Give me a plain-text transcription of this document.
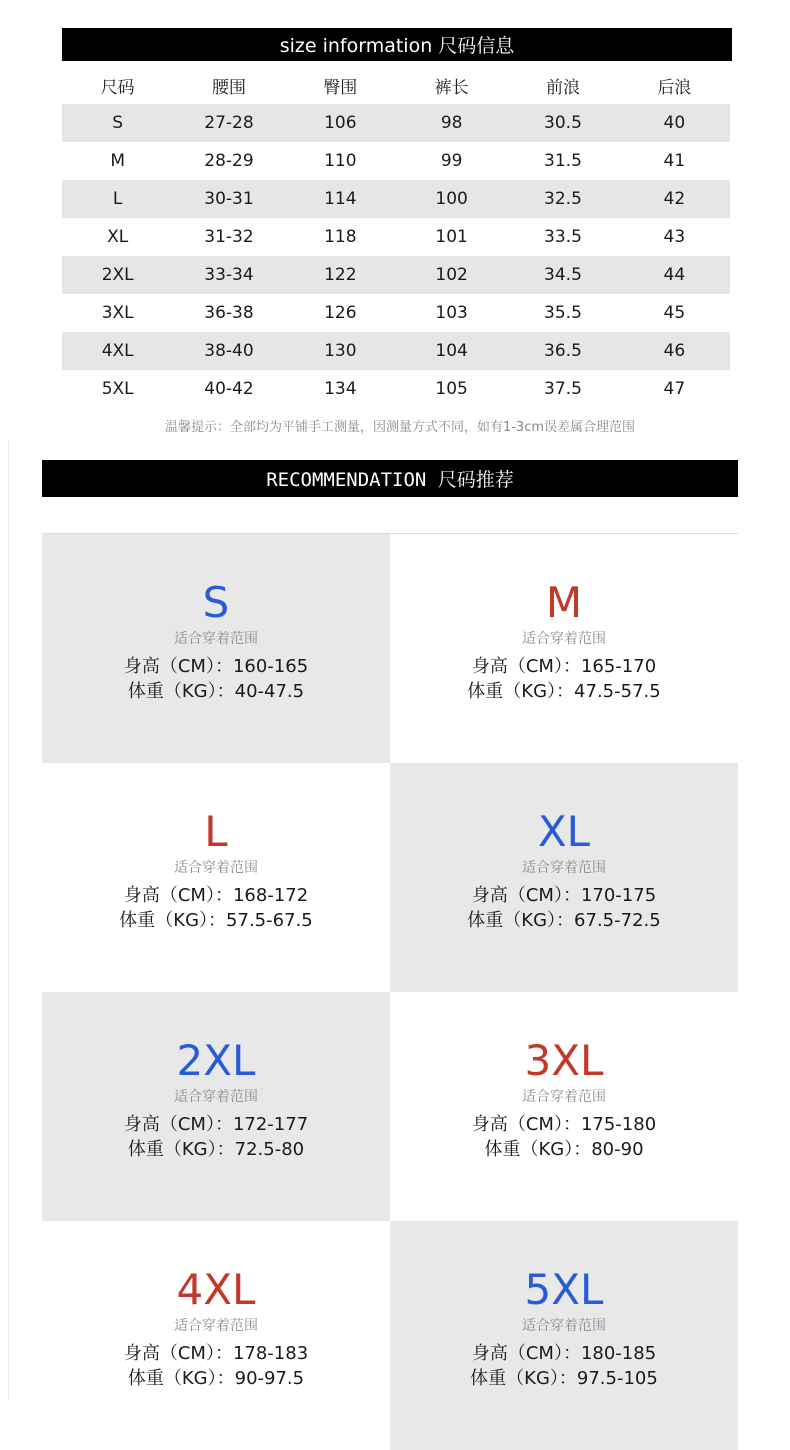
size information 尺码信息
尺码	腰围	臀围	裤长	前浪	后浪
S	27-28	106	98	30.5	40
M	28-29	110	99	31.5	41
L	30-31	114	100	32.5	42
XL	31-32	118	101	33.5	43
2XL	33-34	122	102	34.5	44
3XL	36-38	126	103	35.5	45
4XL	38-40	130	104	36.5	46
5XL	40-42	134	105	37.5	47
温馨提示：全部均为平铺手工测量，因测量方式不同，如有1-3cm误差属合理范围
RECOMMENDATION 尺码推荐
S
适合穿着范围
身高（CM）：160-165
体重（KG）：40-47.5
M
适合穿着范围
身高（CM）：165-170
体重（KG）：47.5-57.5
L
适合穿着范围
身高（CM）：168-172
体重（KG）：57.5-67.5
XL
适合穿着范围
身高（CM）：170-175
体重（KG）：67.5-72.5
2XL
适合穿着范围
身高（CM）：172-177
体重（KG）：72.5-80
3XL
适合穿着范围
身高（CM）：175-180
体重（KG）：80-90
4XL
适合穿着范围
身高（CM）：178-183
体重（KG）：90-97.5
5XL
适合穿着范围
身高（CM）：180-185
体重（KG）：97.5-105
